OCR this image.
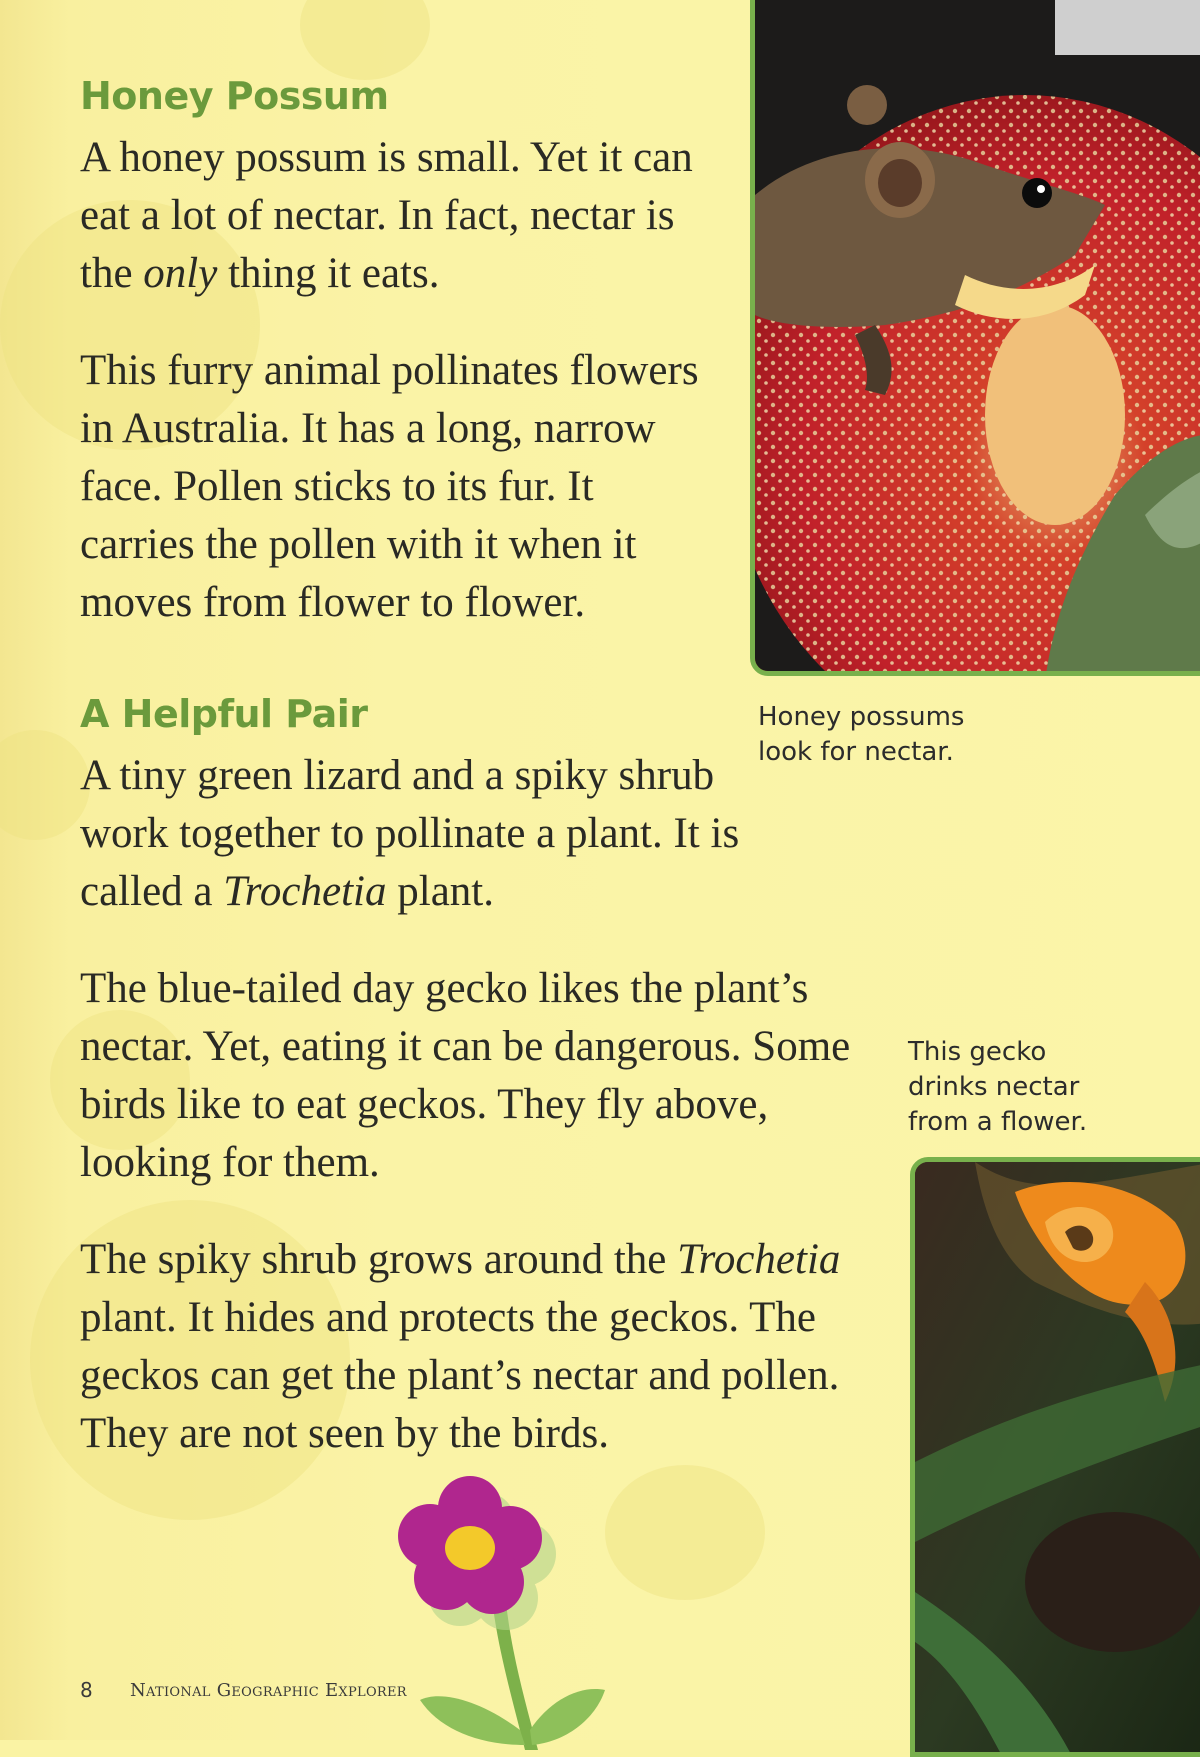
Honey Possum
A honey possum is small. Yet it can
eat a lot of nectar. In fact, nectar is
the only thing it eats.
This furry animal pollinates flowers
in Australia. It has a long, narrow
face. Pollen sticks to its fur. It
carries the pollen with it when it
moves from flower to flower.
Honey possums
look for nectar.
A Helpful Pair
A tiny green lizard and a spiky shrub
work together to pollinate a plant. It is
called a Trochetia plant.
The blue-tailed day gecko likes the plant’s
nectar. Yet, eating it can be dangerous. Some
birds like to eat geckos. They fly above,
looking for them.
The spiky shrub grows around the Trochetia
plant. It hides and protects the geckos. The
geckos can get the plant’s nectar and pollen.
They are not seen by the birds.
This gecko
drinks nectar
from a flower.
8 National Geographic Explorer
